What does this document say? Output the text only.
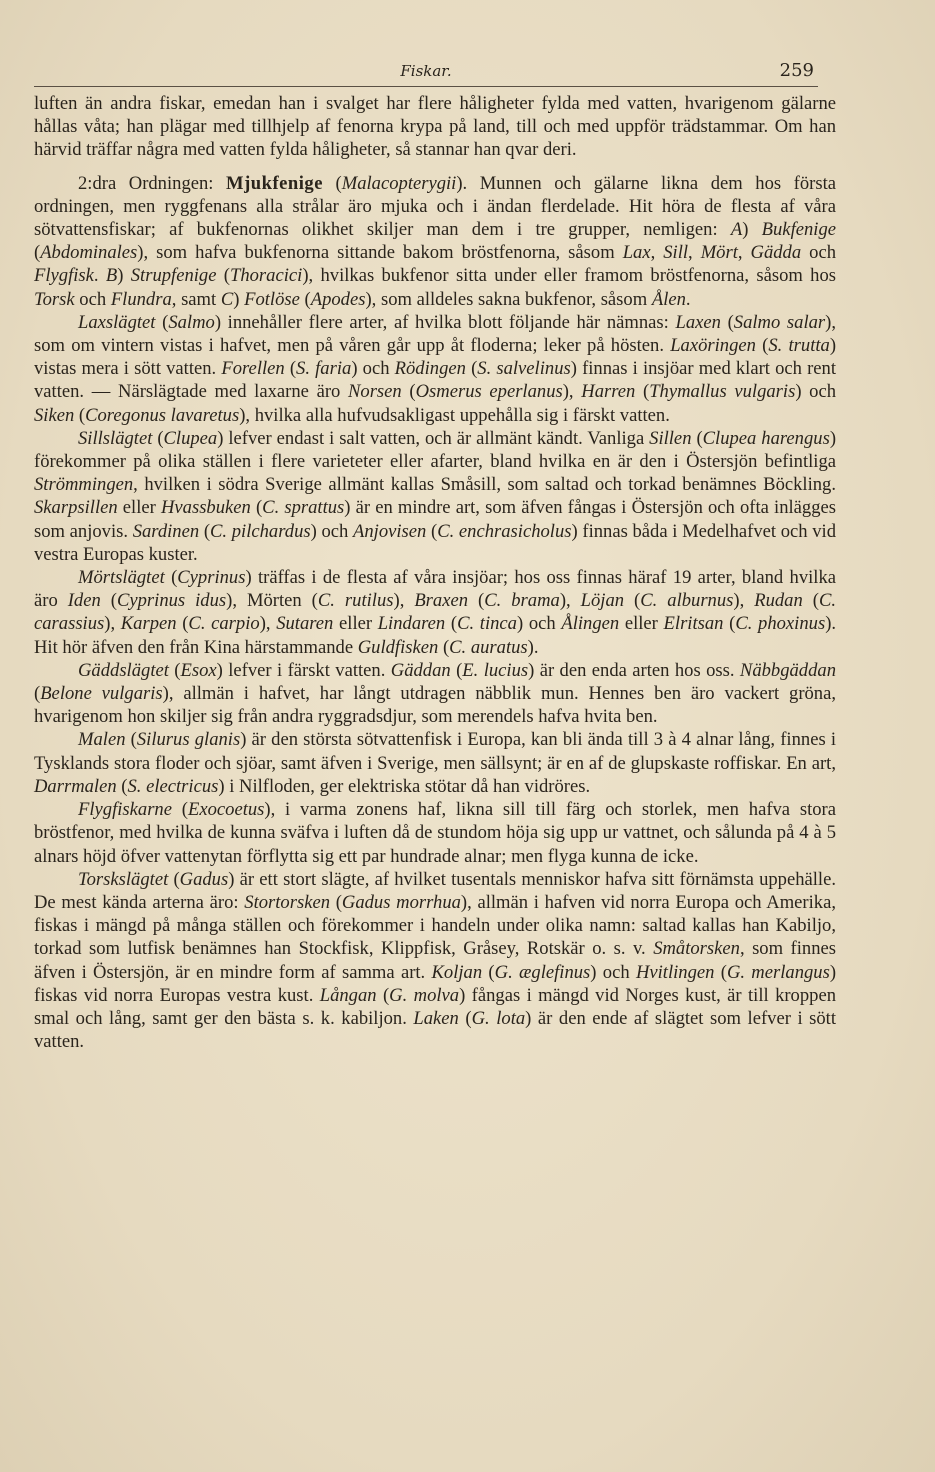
Fiskar.	259

luften än andra fiskar, emedan han i svalget har flere håligheter fylda med vatten, hvarigenom gälarne hållas våta; han plägar med tillhjelp af fenorna krypa på land, till och med uppför trädstammar. Om han härvid träffar några med vatten fylda håligheter, så stannar han qvar deri.

2:dra Ordningen: Mjukfenige (Malacopterygii). Munnen och gälarne likna dem hos första ordningen, men ryggfenans alla strålar äro mjuka och i ändan flerdelade. Hit höra de flesta af våra sötvattensfiskar; af bukfenornas olikhet skiljer man dem i tre grupper, nemligen: A) Bukfenige (Abdominales), som hafva bukfenorna sittande bakom bröstfenorna, såsom Lax, Sill, Mört, Gädda och Flygfisk. B) Strupfenige (Thoracici), hvilkas bukfenor sitta under eller framom bröstfenorna, såsom hos Torsk och Flundra, samt C) Fotlöse (Apodes), som alldeles sakna bukfenor, såsom Ålen.

Laxslägtet (Salmo) innehåller flere arter, af hvilka blott följande här nämnas: Laxen (Salmo salar), som om vintern vistas i hafvet, men på våren går upp åt floderna; leker på hösten. Laxöringen (S. trutta) vistas mera i sött vatten. Forellen (S. faria) och Rödingen (S. salvelinus) finnas i insjöar med klart och rent vatten. — Närslägtade med laxarne äro Norsen (Osmerus eperlanus), Harren (Thymallus vulgaris) och Siken (Coregonus lavaretus), hvilka alla hufvudsakligast uppehålla sig i färskt vatten.

Sillslägtet (Clupea) lefver endast i salt vatten, och är allmänt kändt. Vanliga Sillen (Clupea harengus) förekommer på olika ställen i flere varieteter eller afarter, bland hvilka en är den i Östersjön befintliga Strömmingen, hvilken i södra Sverige allmänt kallas Småsill, som saltad och torkad benämnes Böckling. Skarpsillen eller Hvassbuken (C. sprattus) är en mindre art, som äfven fångas i Östersjön och ofta inlägges som anjovis. Sardinen (C. pilchardus) och Anjovisen (C. enchrasicholus) finnas båda i Medelhafvet och vid vestra Europas kuster.

Mörtslägtet (Cyprinus) träffas i de flesta af våra insjöar; hos oss finnas häraf 19 arter, bland hvilka äro Iden (Cyprinus idus), Mörten (C. rutilus), Braxen (C. brama), Löjan (C. alburnus), Rudan (C. carassius), Karpen (C. carpio), Sutaren eller Lindaren (C. tinca) och Ålingen eller Elritsan (C. phoxinus). Hit hör äfven den från Kina härstammande Guldfisken (C. auratus).

Gäddslägtet (Esox) lefver i färskt vatten. Gäddan (E. lucius) är den enda arten hos oss. Näbbgäddan (Belone vulgaris), allmän i hafvet, har långt utdragen näbblik mun. Hennes ben äro vackert gröna, hvarigenom hon skiljer sig från andra ryggradsdjur, som merendels hafva hvita ben.

Malen (Silurus glanis) är den största sötvattenfisk i Europa, kan bli ända till 3 à 4 alnar lång, finnes i Tysklands stora floder och sjöar, samt äfven i Sverige, men sällsynt; är en af de glupskaste roffiskar. En art, Darrmalen (S. electricus) i Nilfloden, ger elektriska stötar då han vidröres.

Flygfiskarne (Exocoetus), i varma zonens haf, likna sill till färg och storlek, men hafva stora bröstfenor, med hvilka de kunna sväfva i luften då de stundom höja sig upp ur vattnet, och sålunda på 4 à 5 alnars höjd öfver vattenytan förflytta sig ett par hundrade alnar; men flyga kunna de icke.

Torskslägtet (Gadus) är ett stort slägte, af hvilket tusentals menniskor hafva sitt förnämsta uppehälle. De mest kända arterna äro: Stortorsken (Gadus morrhua), allmän i hafven vid norra Europa och Amerika, fiskas i mängd på många ställen och förekommer i handeln under olika namn: saltad kallas han Kabiljo, torkad som lutfisk benämnes han Stockfisk, Klippfisk, Gråsey, Rotskär o. s. v. Småtorsken, som finnes äfven i Östersjön, är en mindre form af samma art. Koljan (G. æglefinus) och Hvitlingen (G. merlangus) fiskas vid norra Europas vestra kust. Långan (G. molva) fångas i mängd vid Norges kust, är till kroppen smal och lång, samt ger den bästa s. k. kabiljon. Laken (G. lota) är den ende af slägtet som lefver i sött vatten.
